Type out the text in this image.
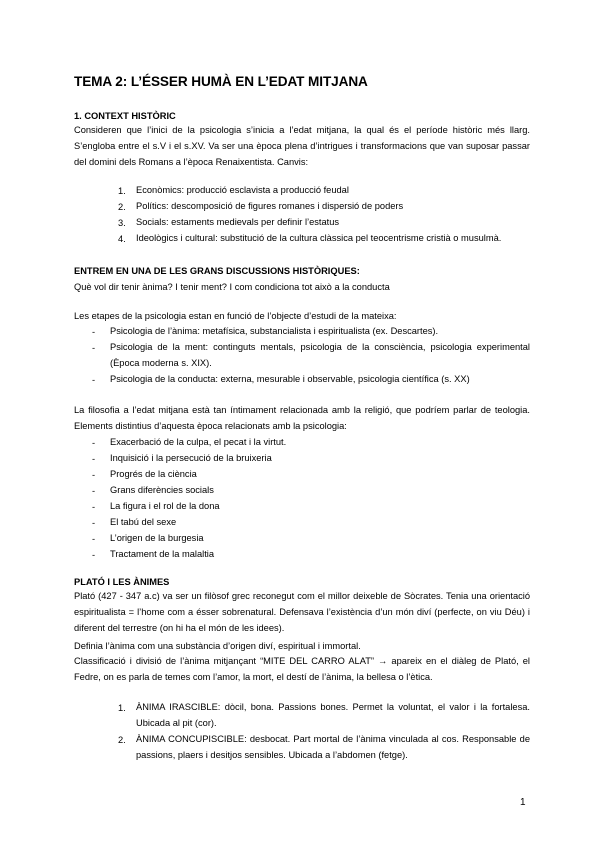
TEMA 2: L’ÉSSER HUMÀ EN L’EDAT MITJANA
1. CONTEXT HISTÒRIC
Consideren que l’inici de la psicologia s’inicia a l’edat mitjana, la qual és el període històric més llarg. S’engloba entre el s.V i el s.XV. Va ser una època plena d’intrigues i transformacions que van suposar passar del domini dels Romans a l’època Renaixentista. Canvis:
1. Econòmics: producció esclavista a producció feudal
2. Polítics: descomposició de figures romanes i dispersió de poders
3. Socials: estaments medievals per definir l’estatus
4. Ideològics i cultural: substitució de la cultura clàssica pel teocentrisme cristià o musulmà.
ENTREM EN UNA DE LES GRANS DISCUSSIONS HISTÒRIQUES:
Què vol dir tenir ànima? I tenir ment? I com condiciona tot això a la conducta
Les etapes de la psicologia estan en funció de l’objecte d’estudi de la mateixa:
- Psicologia de l’ànima: metafísica, substancialista i espiritualista (ex. Descartes).
- Psicologia de la ment: continguts mentals, psicologia de la consciència, psicologia experimental (Època moderna s. XIX).
- Psicologia de la conducta: externa, mesurable i observable, psicologia científica (s. XX)
La filosofia a l’edat mitjana està tan íntimament relacionada amb la religió, que podríem parlar de teologia. Elements distintius d’aquesta època relacionats amb la psicologia:
- Exacerbació de la culpa, el pecat i la virtut.
- Inquisició i la persecució de la bruixeria
- Progrés de la ciència
- Grans diferències socials
- La figura i el rol de la dona
- El tabú del sexe
- L’origen de la burgesia
- Tractament de la malaltia
PLATÓ I LES ÀNIMES
Plató (427 - 347 a.c) va ser un filòsof grec reconegut com el millor deixeble de Sòcrates. Tenia una orientació espiritualista = l’home com a ésser sobrenatural. Defensava l’existència d’un món diví (perfecte, on viu Déu) i diferent del terrestre (on hi ha el món de les idees).
Definia l’ànima com una substància d’origen diví, espiritual i immortal.
Classificació i divisió de l’ànima mitjançant “MITE DEL CARRO ALAT” → apareix en el diàleg de Plató, el Fedre, on es parla de temes com l’amor, la mort, el destí de l’ànima, la bellesa o l’ètica.
1. ÀNIMA IRASCIBLE: dòcil, bona. Passions bones. Permet la voluntat, el valor i la fortalesa. Ubicada al pit (cor).
2. ÀNIMA CONCUPISCIBLE: desbocat. Part mortal de l’ànima vinculada al cos. Responsable de passions, plaers i desitjos sensibles. Ubicada a l’abdomen (fetge).
1
